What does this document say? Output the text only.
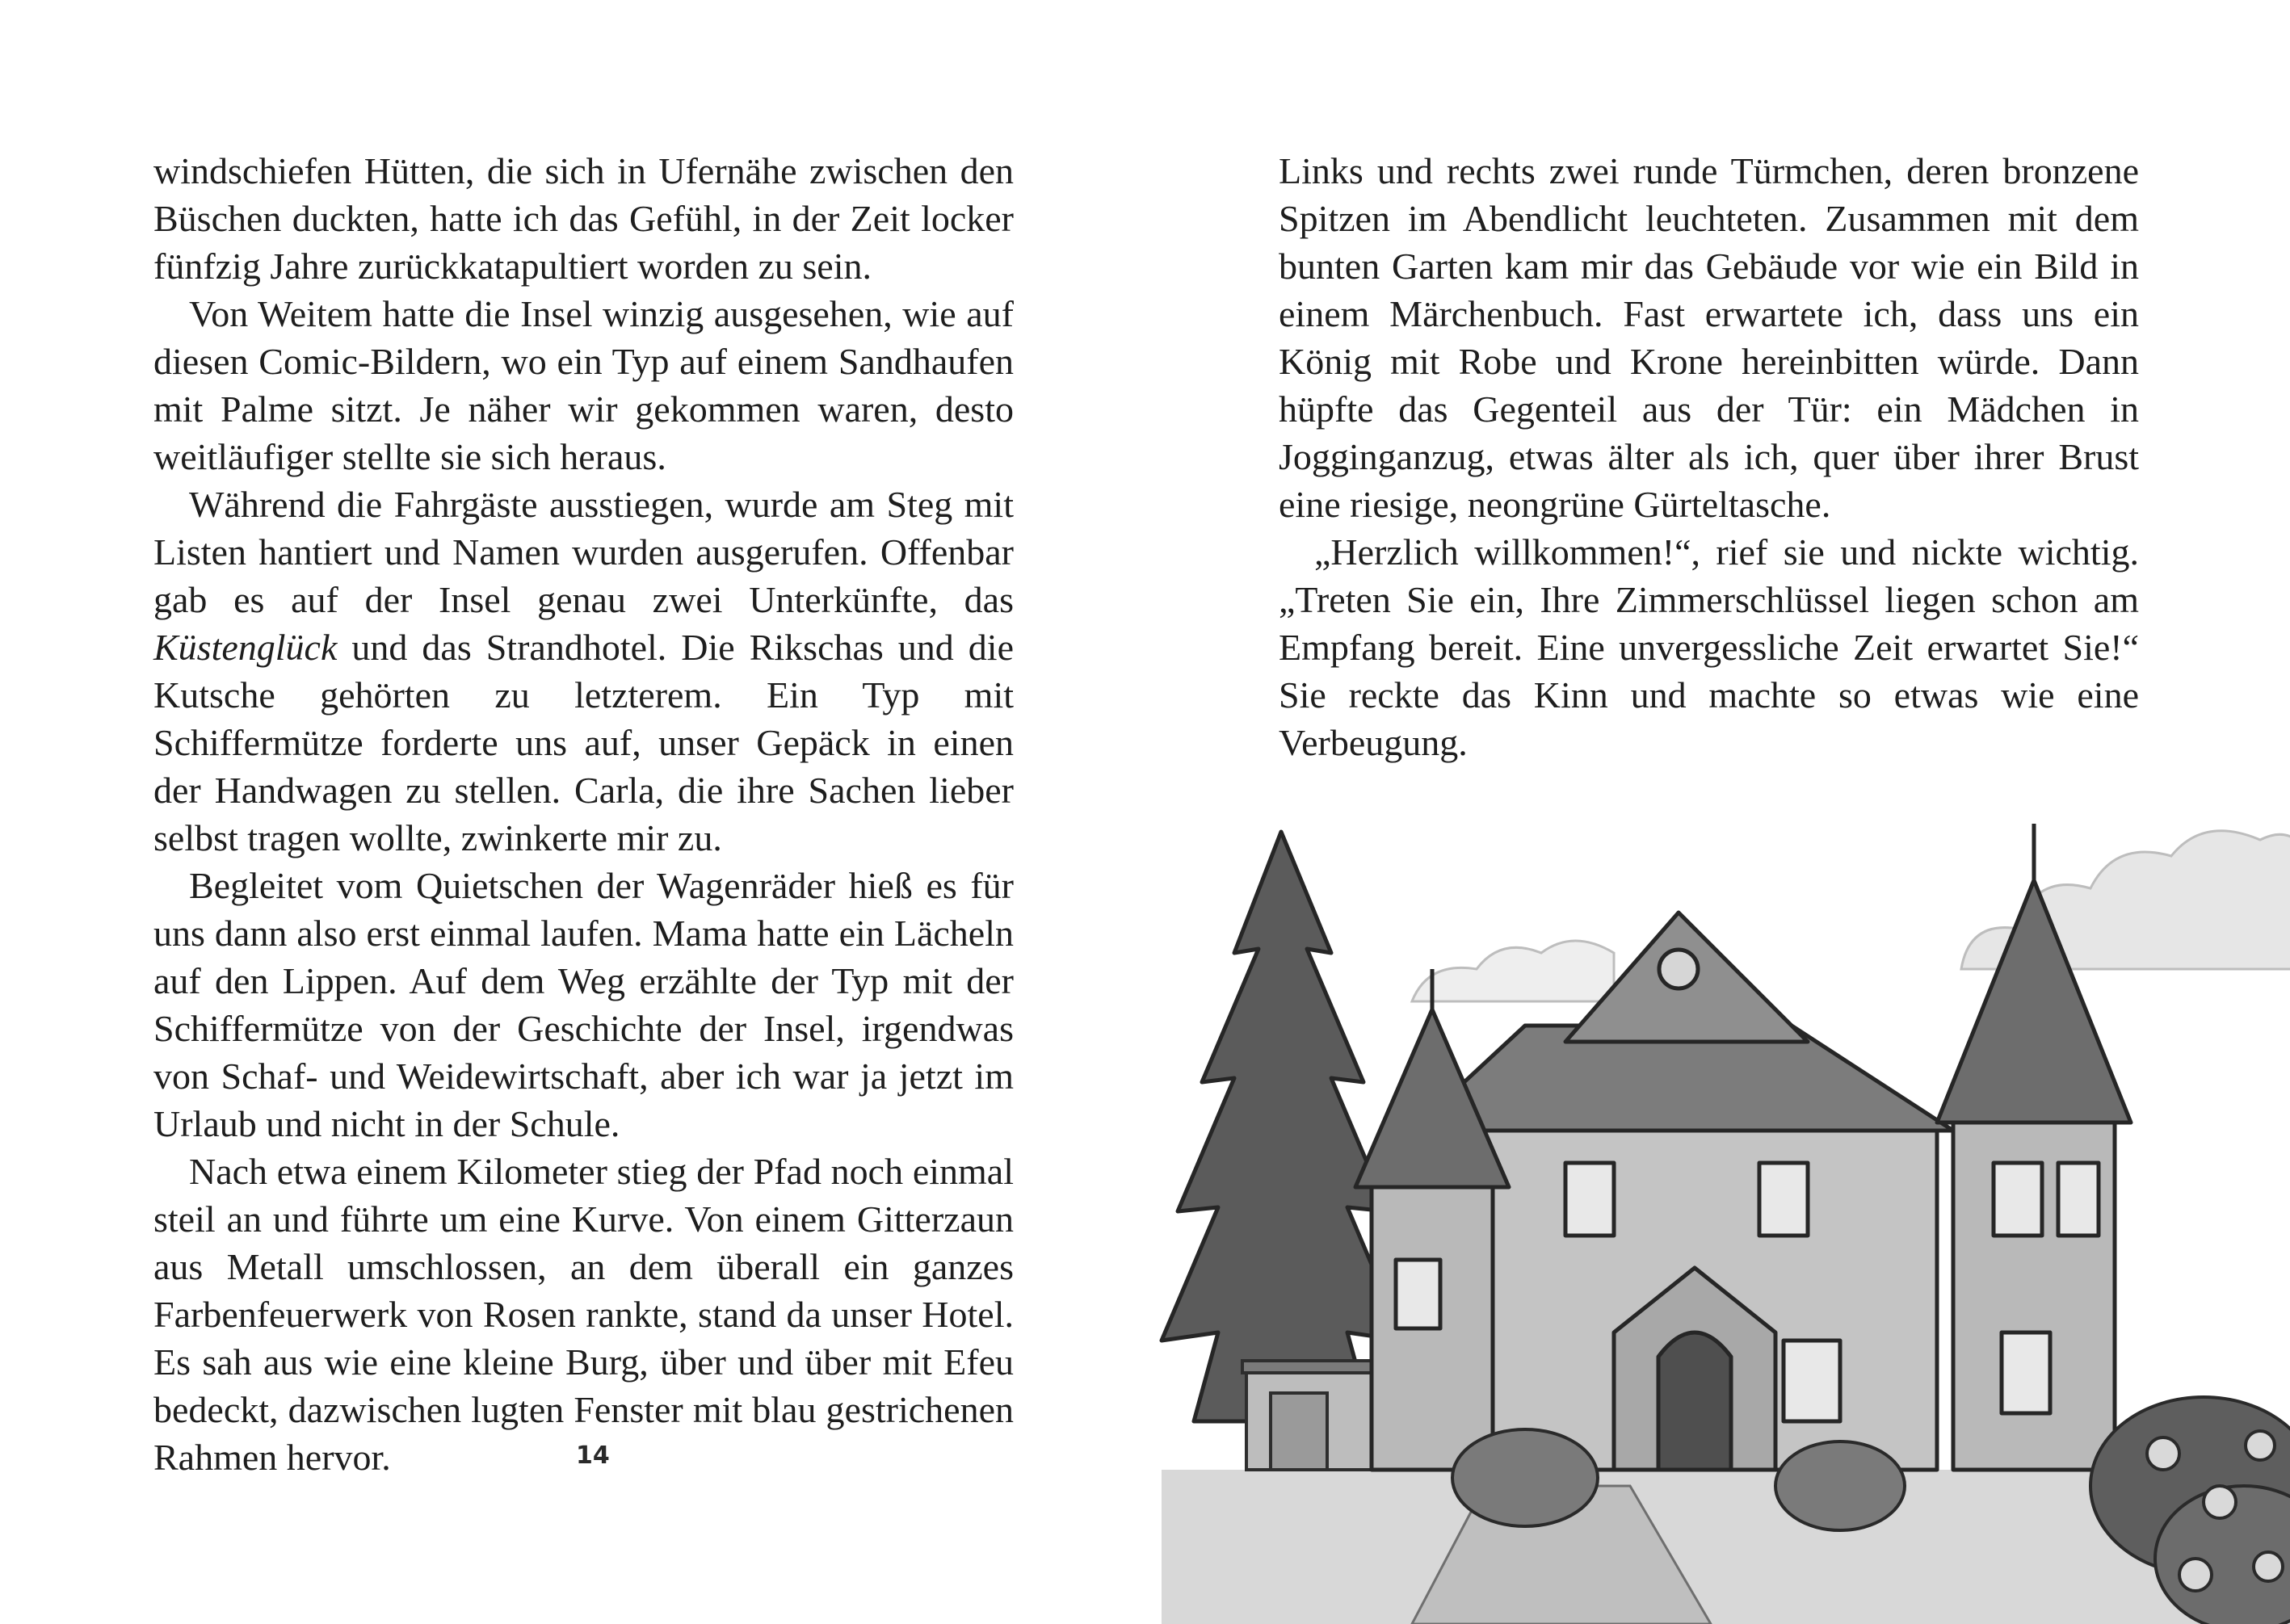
windschiefen Hütten, die sich in Ufernähe zwischen den Büschen duckten, hatte ich das Gefühl, in der Zeit locker fünfzig Jahre zurückkatapultiert worden zu sein.

Von Weitem hatte die Insel winzig ausgesehen, wie auf diesen Comic-Bildern, wo ein Typ auf einem Sandhaufen mit Palme sitzt. Je näher wir gekommen waren, desto weitläufiger stellte sie sich heraus.

Während die Fahrgäste ausstiegen, wurde am Steg mit Listen hantiert und Namen wurden ausgerufen. Offenbar gab es auf der Insel genau zwei Unterkünfte, das Küstenglück und das Strandhotel. Die Rikschas und die Kutsche gehörten zu letzterem. Ein Typ mit Schiffermütze forderte uns auf, unser Gepäck in einen der Handwagen zu stellen. Carla, die ihre Sachen lieber selbst tragen wollte, zwinkerte mir zu.

Begleitet vom Quietschen der Wagenräder hieß es für uns dann also erst einmal laufen. Mama hatte ein Lächeln auf den Lippen. Auf dem Weg erzählte der Typ mit der Schiffermütze von der Geschichte der Insel, irgendwas von Schaf- und Weidewirtschaft, aber ich war ja jetzt im Urlaub und nicht in der Schule.

Nach etwa einem Kilometer stieg der Pfad noch einmal steil an und führte um eine Kurve. Von einem Gitterzaun aus Metall umschlossen, an dem überall ein ganzes Farbenfeuerwerk von Rosen rankte, stand da unser Hotel. Es sah aus wie eine kleine Burg, über und über mit Efeu bedeckt, dazwischen lugten Fenster mit blau gestrichenen Rahmen hervor.	14

Links und rechts zwei runde Türmchen, deren bronzene Spitzen im Abendlicht leuchteten. Zusammen mit dem bunten Garten kam mir das Gebäude vor wie ein Bild in einem Märchenbuch. Fast erwartete ich, dass uns ein König mit Robe und Krone hereinbitten würde. Dann hüpfte das Gegenteil aus der Tür: ein Mädchen in Jogginganzug, etwas älter als ich, quer über ihrer Brust eine riesige, neongrüne Gürteltasche.

„Herzlich willkommen!“, rief sie und nickte wichtig. „Treten Sie ein, Ihre Zimmerschlüssel liegen schon am Empfang bereit. Eine unvergessliche Zeit erwartet Sie!“ Sie reckte das Kinn und machte so etwas wie eine Verbeugung.
